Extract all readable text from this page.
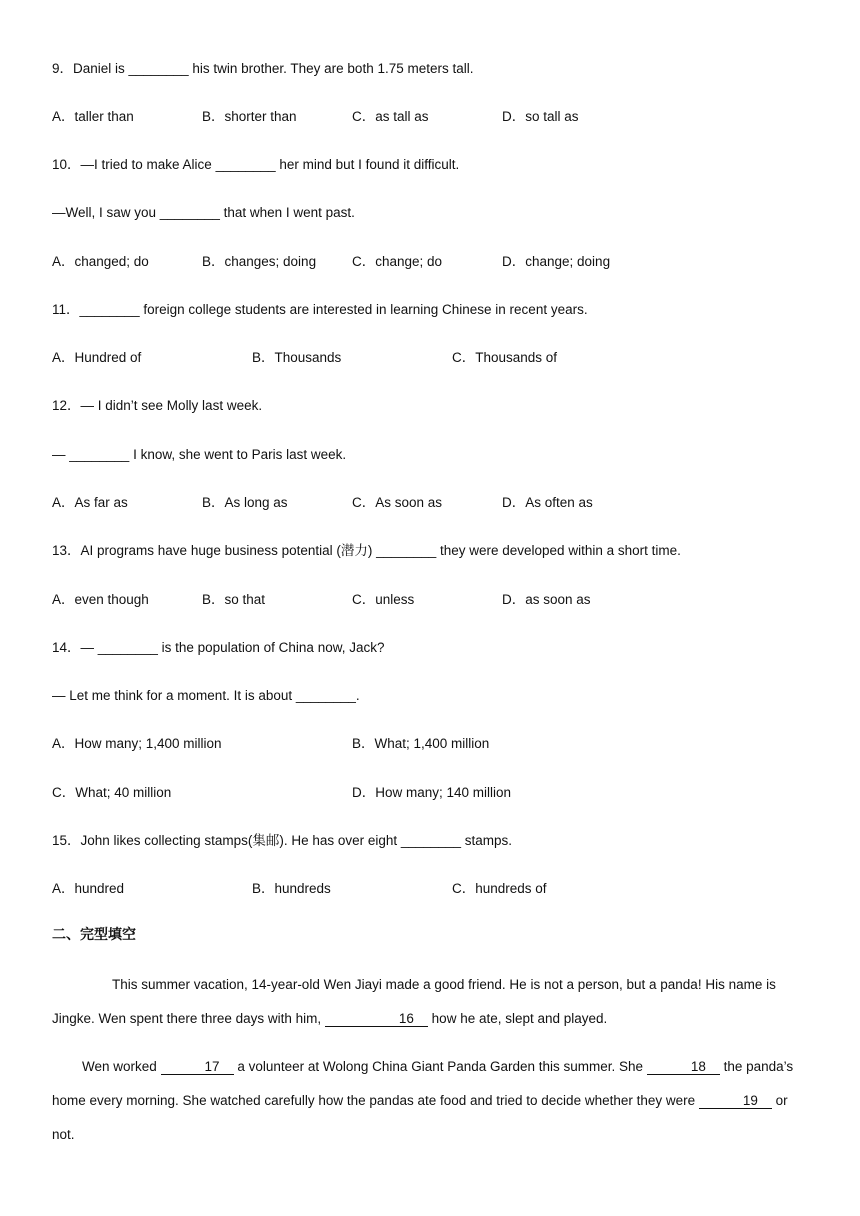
9．Daniel is ________ his twin brother. They are both 1.75 meters tall.
A．taller than	B．shorter than	C．as tall as	D．so tall as
10．—I tried to make Alice ________ her mind but I found it difficult.
—Well, I saw you ________ that when I went past.
A．changed; do	B．changes; doing	C．change; do	D．change; doing
11．________ foreign college students are interested in learning Chinese in recent years.
A．Hundred of	B．Thousands	C．Thousands of
12．— I didn’t see Molly last week.
— ________ I know, she went to Paris last week.
A．As far as	B．As long as	C．As soon as	D．As often as
13．AI programs have huge business potential (潜力) ________ they were developed within a short time.
A．even though	B．so that	C．unless	D．as soon as
14．— ________ is the population of China now, Jack?
— Let me think for a moment. It is about ________.
A．How many; 1,400 million	B．What; 1,400 million
C．What; 40 million	D．How many; 140 million
15．John likes collecting stamps(集邮). He has over eight ________ stamps.
A．hundred	B．hundreds	C．hundreds of
二、完型填空
This summer vacation, 14-year-old Wen Jiayi made a good friend. He is not a person, but a panda! His name is Jingke. Wen spent there three days with him,	16 how he ate, slept and played.
Wen worked	17 a volunteer at Wolong China Giant Panda Garden this summer. She	18 the panda’s home every morning. She watched carefully how the pandas ate food and tried to decide whether they were	19 or not.
